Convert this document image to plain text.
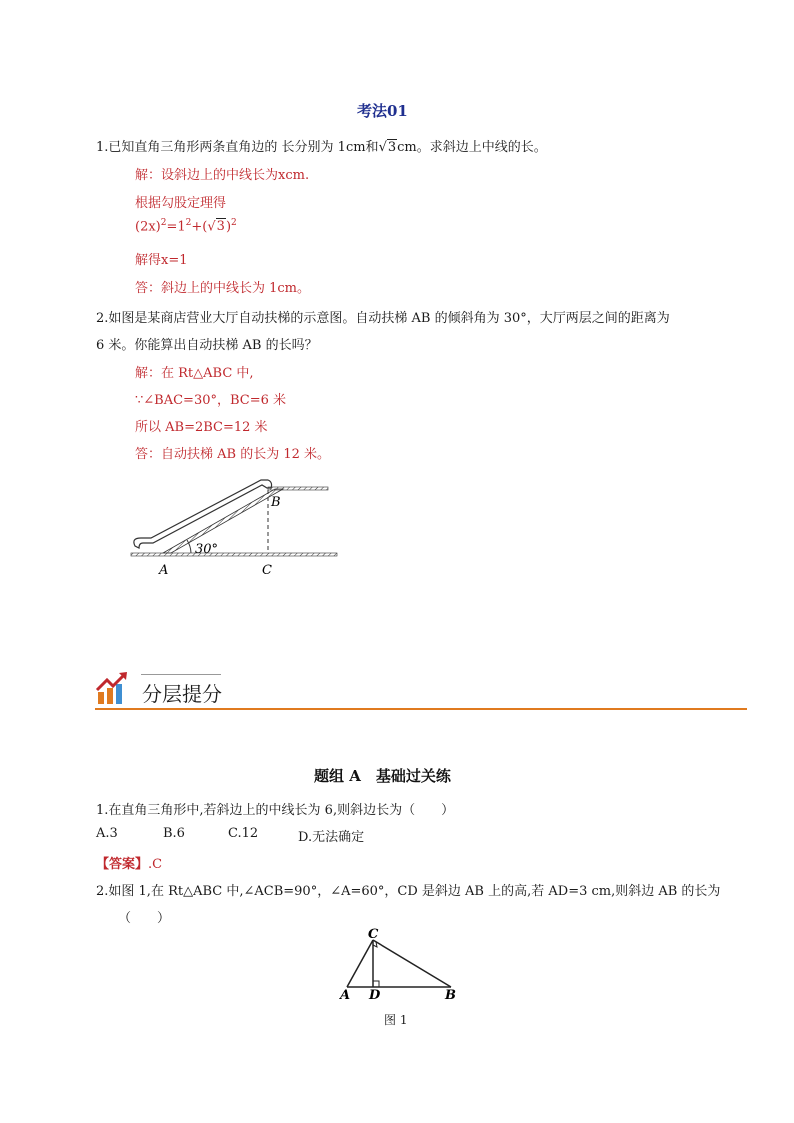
考法01
1.已知直角三角形两条直角边的 长分别为 1cm和√3cm。求斜边上中线的长。
解：设斜边上的中线长为xcm.
根据勾股定理得
$(2x)^2=1^2+(√3)^2$
解得x=1
答：斜边上的中线长为 1cm。
2.如图是某商店营业大厅自动扶梯的示意图。自动扶梯 AB 的倾斜角为 30°，大厅两层之间的距离为
6 米。你能算出自动扶梯 AB 的长吗？
解：在 Rt△ABC 中,
∵∠BAC=30°，BC=6 米
所以 AB=2BC=12 米
答：自动扶梯 AB 的长为 12 米。
30°
A
B
C
分层提分
题组 A　基础过关练
1.在直角三角形中,若斜边上的中线长为 6,则斜边长为（　　）
A.3	B.6	C.12	D.无法确定
【答案】.C
2.如图 1,在 Rt△ABC 中,∠ACB=90°，∠A=60°，CD 是斜边 AB 上的高,若 AD=3 cm,则斜边 AB 的长为
（　　）
C
A D	B
图 1
